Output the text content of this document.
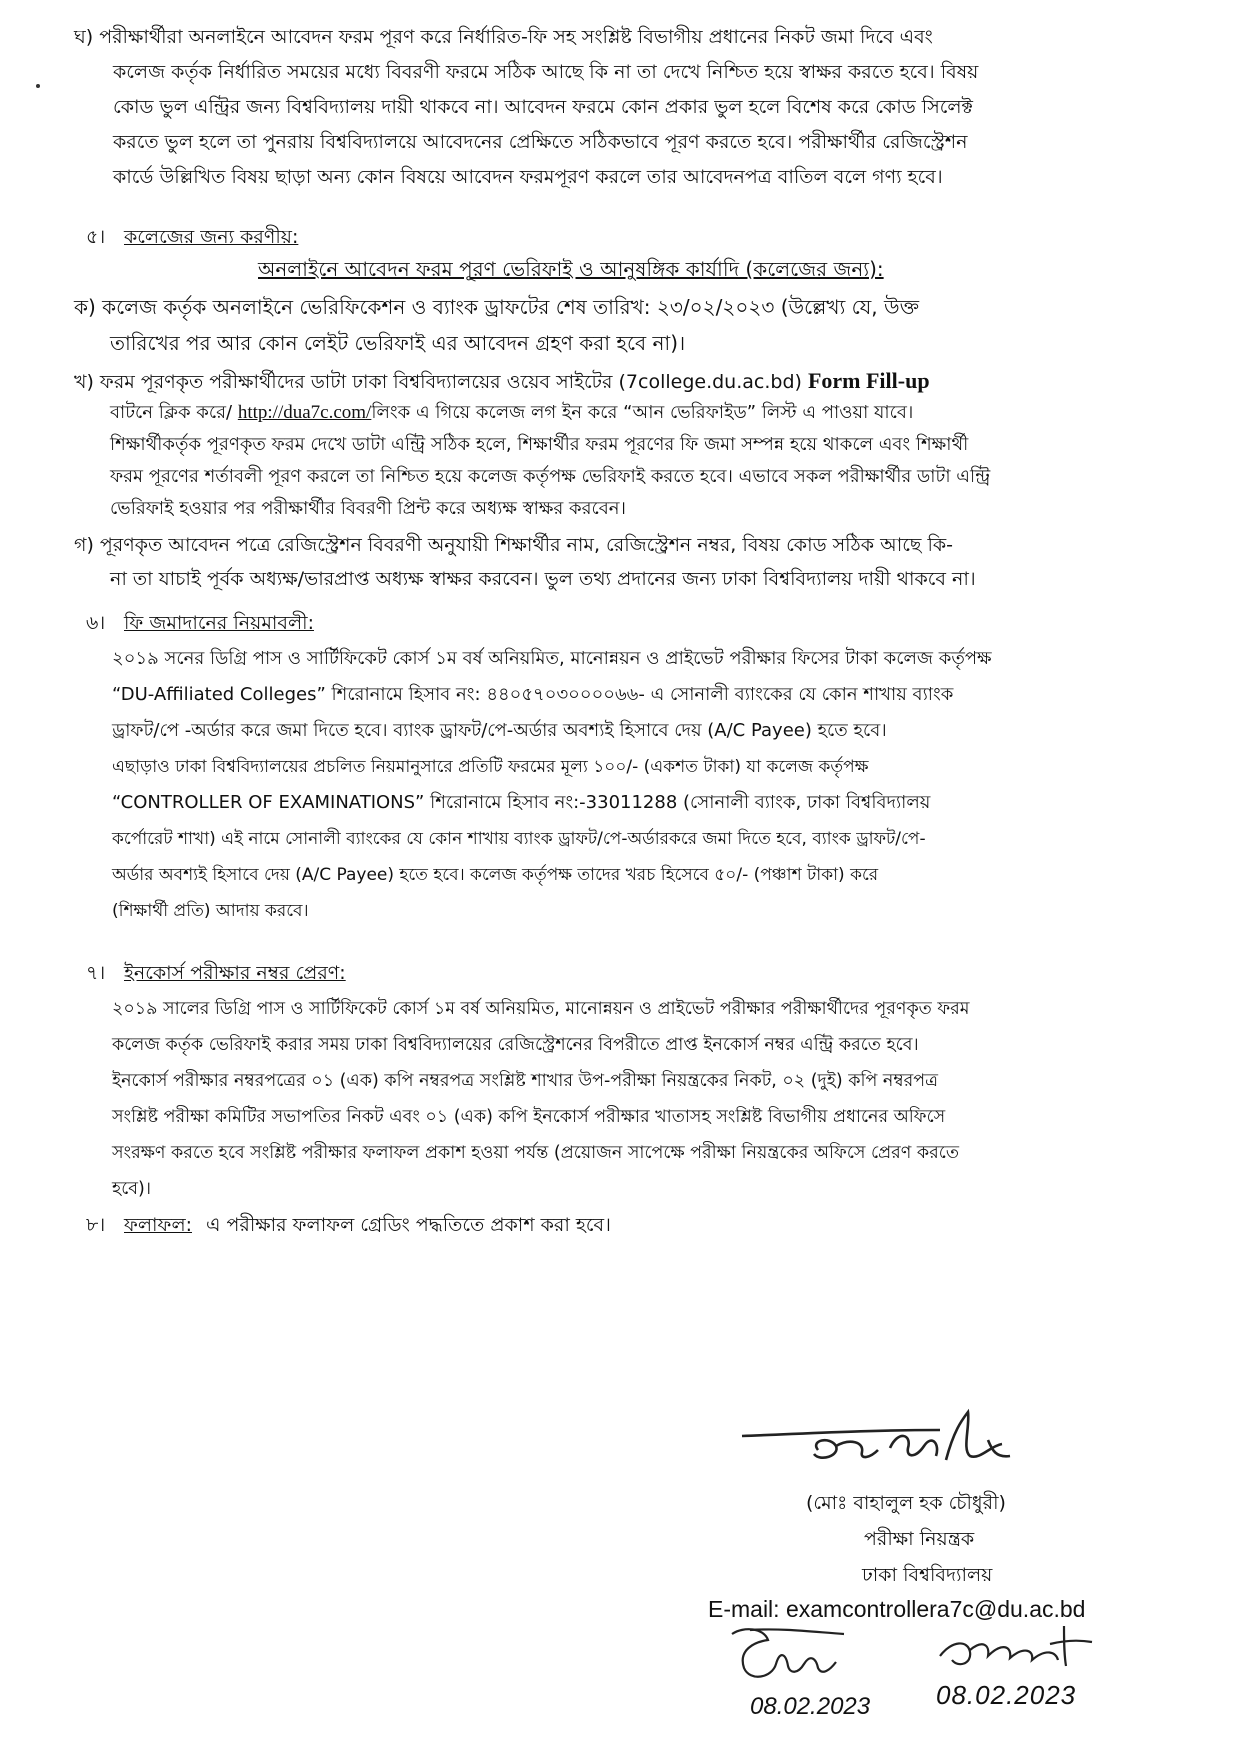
ঘ) পরীক্ষার্থীরা অনলাইনে আবেদন ফরম পূরণ করে নির্ধারিত-ফি সহ সংশ্লিষ্ট বিভাগীয় প্রধানের নিকট জমা দিবে এবং
কলেজ কর্তৃক নির্ধারিত সময়ের মধ্যে বিবরণী ফরমে সঠিক আছে কি না তা দেখে নিশ্চিত হয়ে স্বাক্ষর করতে হবে। বিষয়
কোড ভুল এন্ট্রির জন্য বিশ্ববিদ্যালয় দায়ী থাকবে না। আবেদন ফরমে কোন প্রকার ভুল হলে বিশেষ করে কোড সিলেক্ট
করতে ভুল হলে তা পুনরায় বিশ্ববিদ্যালয়ে আবেদনের প্রেক্ষিতে সঠিকভাবে পূরণ করতে হবে। পরীক্ষার্থীর রেজিস্ট্রেশন
কার্ডে উল্লিখিত বিষয় ছাড়া অন্য কোন বিষয়ে আবেদন ফরমপূরণ করলে তার আবেদনপত্র বাতিল বলে গণ্য হবে।
৫। কলেজের জন্য করণীয়:
অনলাইনে আবেদন ফরম পূরণ ভেরিফাই ও আনুষঙ্গিক কার্যাদি (কলেজের জন্য):
ক) কলেজ কর্তৃক অনলাইনে ভেরিফিকেশন ও ব্যাংক ড্রাফটের শেষ তারিখ: ২৩/০২/২০২৩ (উল্লেখ্য যে, উক্ত
তারিখের পর আর কোন লেইট ভেরিফাই এর আবেদন গ্রহণ করা হবে না)।
খ) ফরম পূরণকৃত পরীক্ষার্থীদের ডাটা ঢাকা বিশ্ববিদ্যালয়ের ওয়েব সাইটের (7college.du.ac.bd) Form Fill-up
বাটনে ক্লিক করে/ http://dua7c.com/লিংক এ গিয়ে কলেজ লগ ইন করে “আন ভেরিফাইড” লিস্ট এ পাওয়া যাবে।
শিক্ষার্থীকর্তৃক পূরণকৃত ফরম দেখে ডাটা এন্ট্রি সঠিক হলে, শিক্ষার্থীর ফরম পূরণের ফি জমা সম্পন্ন হয়ে থাকলে এবং শিক্ষার্থী
ফরম পূরণের শর্তাবলী পূরণ করলে তা নিশ্চিত হয়ে কলেজ কর্তৃপক্ষ ভেরিফাই করতে হবে। এভাবে সকল পরীক্ষার্থীর ডাটা এন্ট্রি
ভেরিফাই হওয়ার পর পরীক্ষার্থীর বিবরণী প্রিন্ট করে অধ্যক্ষ স্বাক্ষর করবেন।
গ) পূরণকৃত আবেদন পত্রে রেজিস্ট্রেশন বিবরণী অনুযায়ী শিক্ষার্থীর নাম, রেজিস্ট্রেশন নম্বর, বিষয় কোড সঠিক আছে কি-
না তা যাচাই পূর্বক অধ্যক্ষ/ভারপ্রাপ্ত অধ্যক্ষ স্বাক্ষর করবেন। ভুল তথ্য প্রদানের জন্য ঢাকা বিশ্ববিদ্যালয় দায়ী থাকবে না।
৬। ফি জমাদানের নিয়মাবলী:
২০১৯ সনের ডিগ্রি পাস ও সার্টিফিকেট কোর্স ১ম বর্ষ অনিয়মিত, মানোন্নয়ন ও প্রাইভেট পরীক্ষার ফিসের টাকা কলেজ কর্তৃপক্ষ
“DU-Affiliated Colleges” শিরোনামে হিসাব নং: ৪৪০৫৭০৩০০০০৬৬- এ সোনালী ব্যাংকের যে কোন শাখায় ব্যাংক
ড্রাফট/পে -অর্ডার করে জমা দিতে হবে। ব্যাংক ড্রাফট/পে-অর্ডার অবশ্যই হিসাবে দেয় (A/C Payee) হতে হবে।
এছাড়াও ঢাকা বিশ্ববিদ্যালয়ের প্রচলিত নিয়মানুসারে প্রতিটি ফরমের মূল্য ১০০/- (একশত টাকা) যা কলেজ কর্তৃপক্ষ
“CONTROLLER OF EXAMINATIONS” শিরোনামে হিসাব নং:-33011288 (সোনালী ব্যাংক, ঢাকা বিশ্ববিদ্যালয়
কর্পোরেট শাখা) এই নামে সোনালী ব্যাংকের যে কোন শাখায় ব্যাংক ড্রাফট/পে-অর্ডারকরে জমা দিতে হবে, ব্যাংক ড্রাফট/পে-
অর্ডার অবশ্যই হিসাবে দেয় (A/C Payee) হতে হবে। কলেজ কর্তৃপক্ষ তাদের খরচ হিসেবে ৫০/- (পঞ্চাশ টাকা) করে
(শিক্ষার্থী প্রতি) আদায় করবে।
৭। ইনকোর্স পরীক্ষার নম্বর প্রেরণ:
২০১৯ সালের ডিগ্রি পাস ও সার্টিফিকেট কোর্স ১ম বর্ষ অনিয়মিত, মানোন্নয়ন ও প্রাইভেট পরীক্ষার পরীক্ষার্থীদের পূরণকৃত ফরম
কলেজ কর্তৃক ভেরিফাই করার সময় ঢাকা বিশ্ববিদ্যালয়ের রেজিস্ট্রেশনের বিপরীতে প্রাপ্ত ইনকোর্স নম্বর এন্ট্রি করতে হবে।
ইনকোর্স পরীক্ষার নম্বরপত্রের ০১ (এক) কপি নম্বরপত্র সংশ্লিষ্ট শাখার উপ-পরীক্ষা নিয়ন্ত্রকের নিকট, ০২ (দুই) কপি নম্বরপত্র
সংশ্লিষ্ট পরীক্ষা কমিটির সভাপতির নিকট এবং ০১ (এক) কপি ইনকোর্স পরীক্ষার খাতাসহ সংশ্লিষ্ট বিভাগীয় প্রধানের অফিসে
সংরক্ষণ করতে হবে সংশ্লিষ্ট পরীক্ষার ফলাফল প্রকাশ হওয়া পর্যন্ত (প্রয়োজন সাপেক্ষে পরীক্ষা নিয়ন্ত্রকের অফিসে প্রেরণ করতে
হবে)।
৮। ফলাফল: এ পরীক্ষার ফলাফল গ্রেডিং পদ্ধতিতে প্রকাশ করা হবে।
(মোঃ বাহালুল হক চৌধুরী)
পরীক্ষা নিয়ন্ত্রক
ঢাকা বিশ্ববিদ্যালয়
E-mail: examcontrollera7c@du.ac.bd
08.02.2023	08.02.2023
